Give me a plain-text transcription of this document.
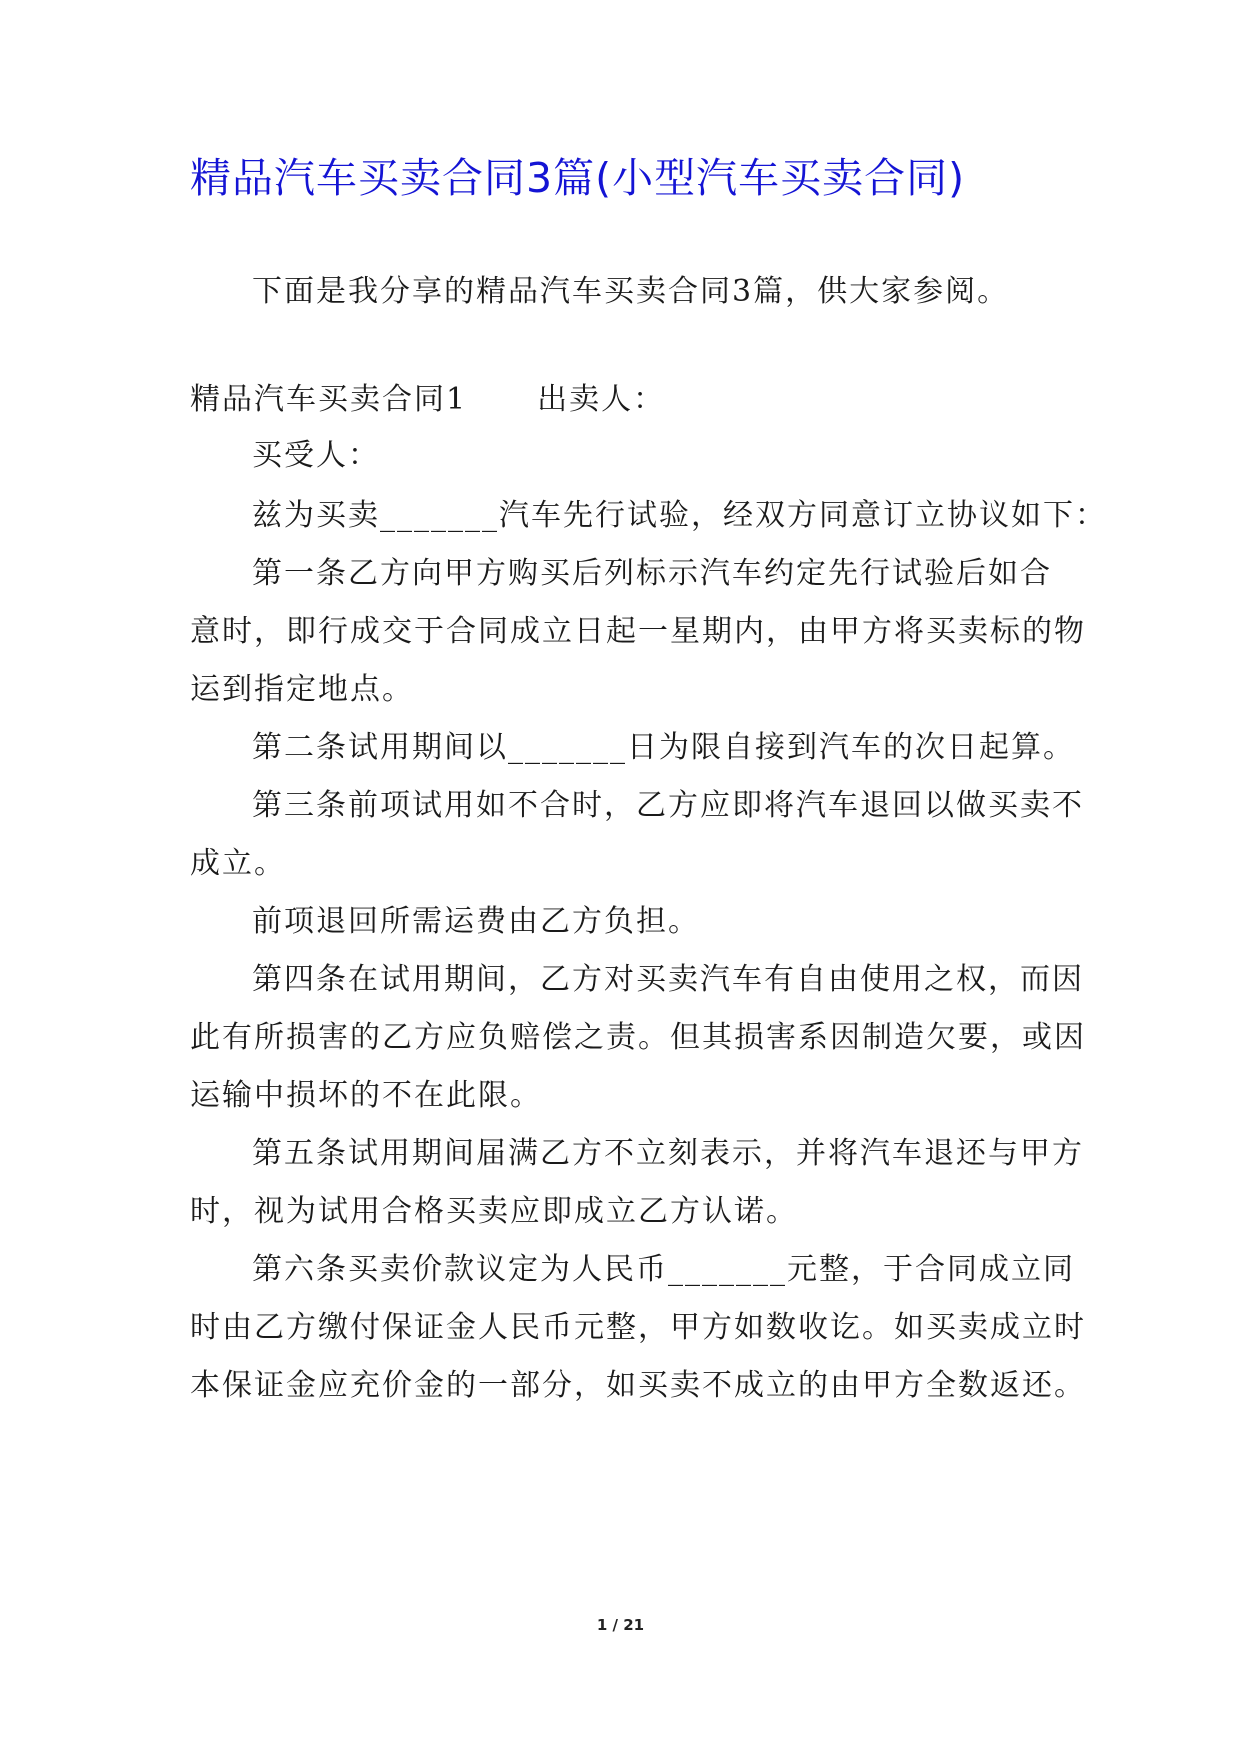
精品汽车买卖合同3篇(小型汽车买卖合同)
下面是我分享的精品汽车买卖合同3篇，供大家参阅。
精品汽车买卖合同1 出卖人：
买受人：
兹为买卖_______汽车先行试验，经双方同意订立协议如下：
第一条乙方向甲方购买后列标示汽车约定先行试验后如合
意时，即行成交于合同成立日起一星期内，由甲方将买卖标的物
运到指定地点。
第二条试用期间以_______日为限自接到汽车的次日起算。
第三条前项试用如不合时，乙方应即将汽车退回以做买卖不
成立。
前项退回所需运费由乙方负担。
第四条在试用期间，乙方对买卖汽车有自由使用之权，而因
此有所损害的乙方应负赔偿之责。但其损害系因制造欠要，或因
运输中损坏的不在此限。
第五条试用期间届满乙方不立刻表示，并将汽车退还与甲方
时，视为试用合格买卖应即成立乙方认诺。
第六条买卖价款议定为人民币_______元整，于合同成立同
时由乙方缴付保证金人民币元整，甲方如数收讫。如买卖成立时
本保证金应充价金的一部分，如买卖不成立的由甲方全数返还。
1 / 21
